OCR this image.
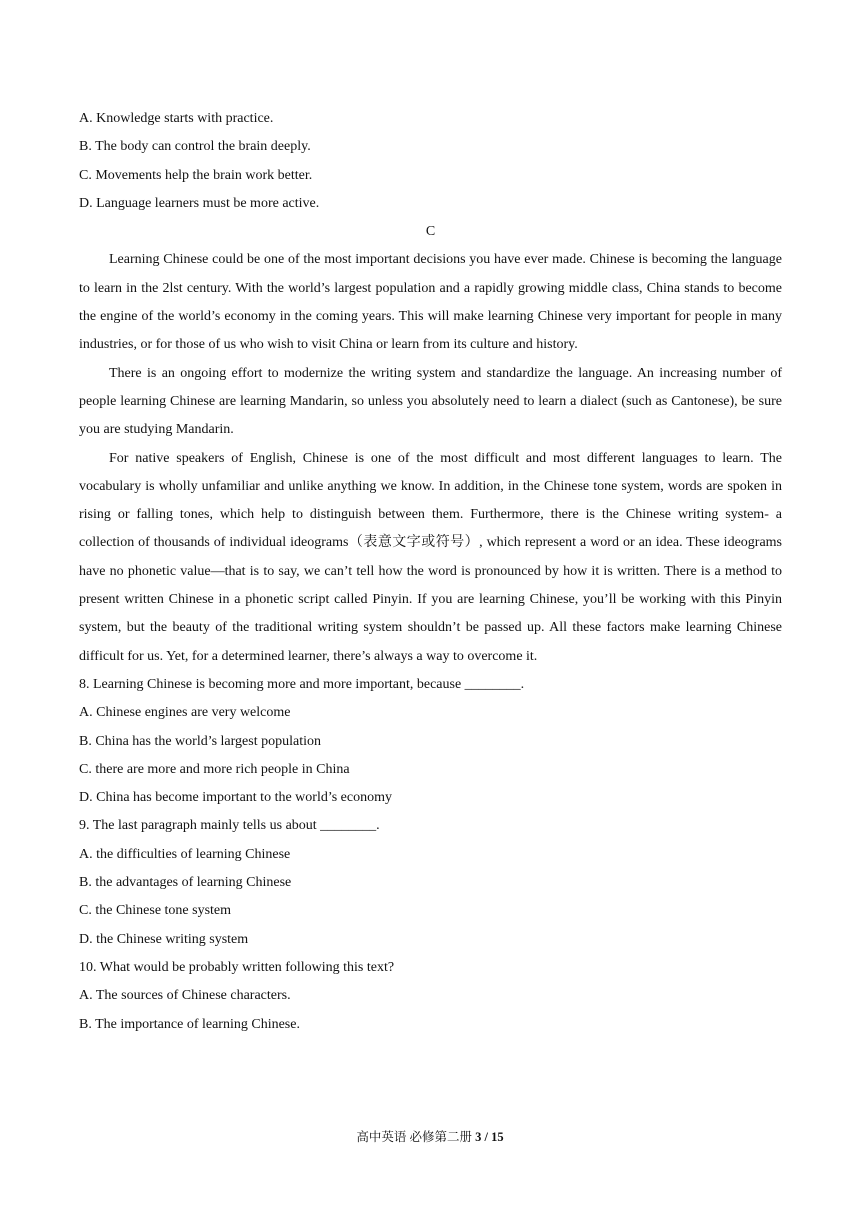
A. Knowledge starts with practice.

B. The body can control the brain deeply.

C. Movements help the brain work better.

D. Language learners must be more active.

C

Learning Chinese could be one of the most important decisions you have ever made. Chinese is becoming the language to learn in the 2lst century. With the world’s largest population and a rapidly growing middle class, China stands to become the engine of the world’s economy in the coming years. This will make learning Chinese very important for people in many industries, or for those of us who wish to visit China or learn from its culture and history.

There is an ongoing effort to modernize the writing system and standardize the language. An increasing number of people learning Chinese are learning Mandarin, so unless you absolutely need to learn a dialect (such as Cantonese), be sure you are studying Mandarin.

For native speakers of English, Chinese is one of the most difficult and most different languages to learn. The vocabulary is wholly unfamiliar and unlike anything we know. In addition, in the Chinese tone system, words are spoken in rising or falling tones, which help to distinguish between them. Furthermore, there is the Chinese writing system- a collection of thousands of individual ideograms（表意文字或符号）, which represent a word or an idea. These ideograms have no phonetic value—that is to say, we can’t tell how the word is pronounced by how it is written. There is a method to present written Chinese in a phonetic script called Pinyin. If you are learning Chinese, you’ll be working with this Pinyin system, but the beauty of the traditional writing system shouldn’t be passed up. All these factors make learning Chinese difficult for us. Yet, for a determined learner, there’s always a way to overcome it.

8. Learning Chinese is becoming more and more important, because ________.

A. Chinese engines are very welcome

B. China has the world’s largest population

C. there are more and more rich people in China

D. China has become important to the world’s economy

9. The last paragraph mainly tells us about ________.

A. the difficulties of learning Chinese

B. the advantages of learning Chinese

C. the Chinese tone system

D. the Chinese writing system

10. What would be probably written following this text?

A. The sources of Chinese characters.

B. The importance of learning Chinese.

高中英语 必修第二册 3 / 15
